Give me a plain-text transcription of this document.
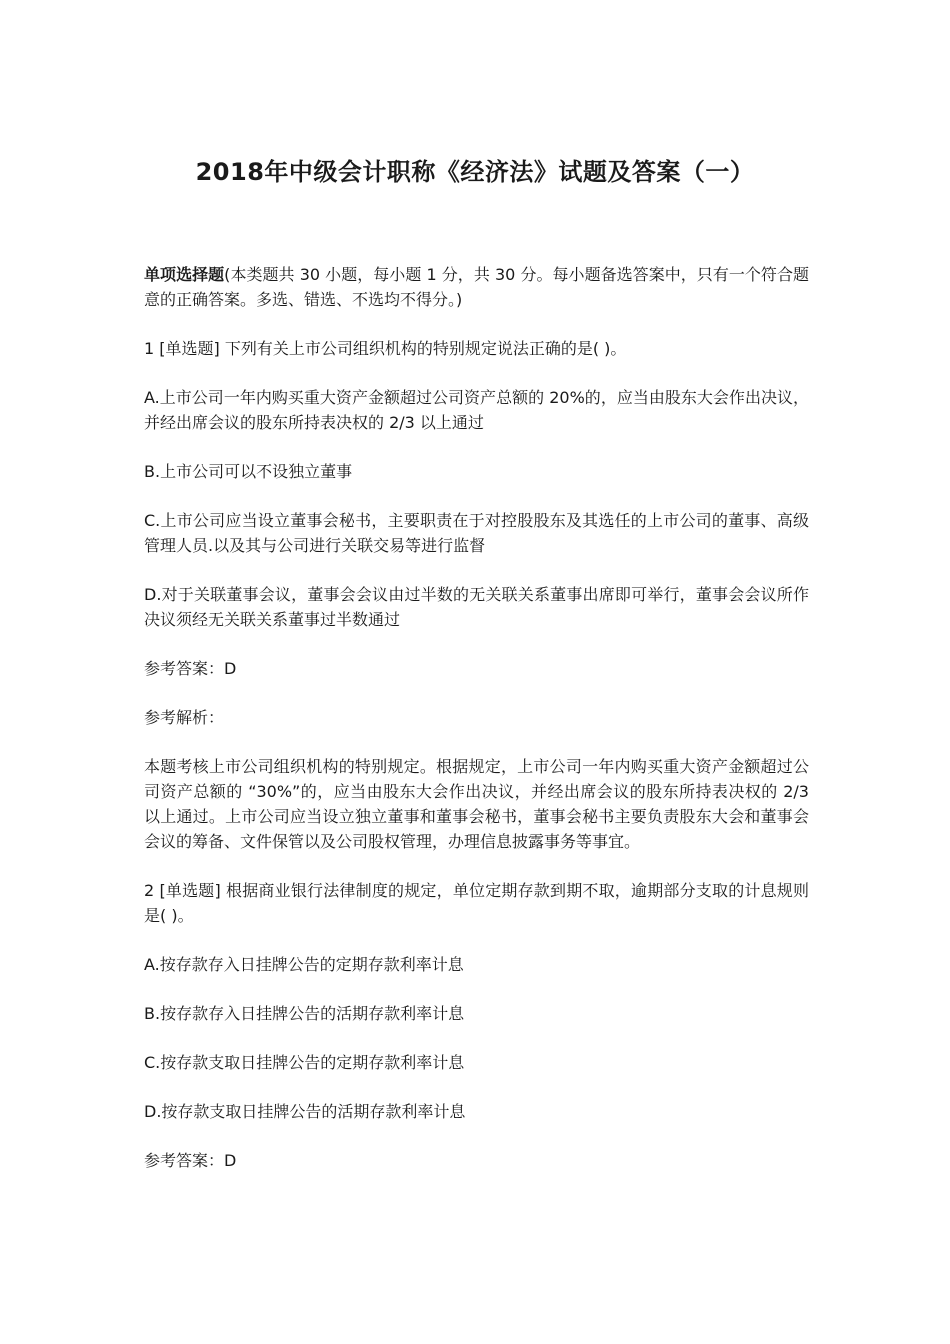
2018年中级会计职称《经济法》试题及答案（一）

单项选择题(本类题共 30 小题，每小题 1 分，共 30 分。每小题备选答案中，只有一个符合题意的正确答案。多选、错选、不选均不得分。)

1 [单选题] 下列有关上市公司组织机构的特别规定说法正确的是( )。

A.上市公司一年内购买重大资产金额超过公司资产总额的 20%的，应当由股东大会作出决议，并经出席会议的股东所持表决权的 2/3 以上通过

B.上市公司可以不设独立董事

C.上市公司应当设立董事会秘书，主要职责在于对控股股东及其选任的上市公司的董事、高级管理人员.以及其与公司进行关联交易等进行监督

D.对于关联董事会议，董事会会议由过半数的无关联关系董事出席即可举行，董事会会议所作决议须经无关联关系董事过半数通过

参考答案：D

参考解析：

本题考核上市公司组织机构的特别规定。根据规定，上市公司一年内购买重大资产金额超过公司资产总额的 “30%”的，应当由股东大会作出决议，并经出席会议的股东所持表决权的 2/3 以上通过。上市公司应当设立独立董事和董事会秘书，董事会秘书主要负责股东大会和董事会会议的筹备、文件保管以及公司股权管理，办理信息披露事务等事宜。

2 [单选题] 根据商业银行法律制度的规定，单位定期存款到期不取，逾期部分支取的计息规则是( )。

A.按存款存入日挂牌公告的定期存款利率计息

B.按存款存入日挂牌公告的活期存款利率计息

C.按存款支取日挂牌公告的定期存款利率计息

D.按存款支取日挂牌公告的活期存款利率计息

参考答案：D
